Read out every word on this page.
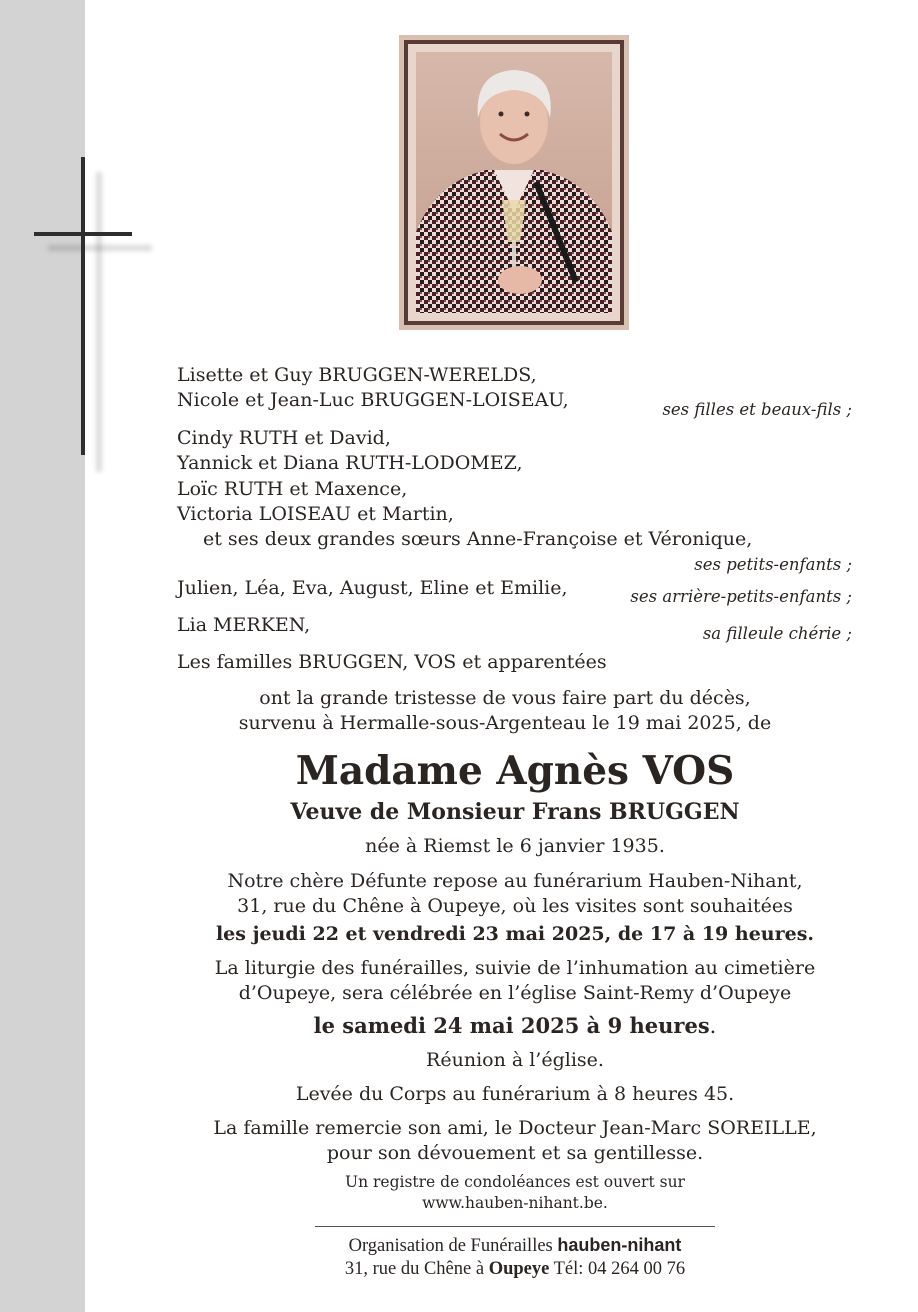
Lisette et Guy BRUGGEN-WERELDS,
Nicole et Jean-Luc BRUGGEN-LOISEAU,	ses filles et beaux-fils ;
Cindy RUTH et David,
Yannick et Diana RUTH-LODOMEZ,
Loïc RUTH et Maxence,
Victoria LOISEAU et Martin,
et ses deux grandes sœurs Anne-Françoise et Véronique,
ses petits-enfants ;
Julien, Léa, Eva, August, Eline et Emilie,	ses arrière-petits-enfants ;
Lia MERKEN,	sa filleule chérie ;
Les familles BRUGGEN, VOS et apparentées
ont la grande tristesse de vous faire part du décès,
survenu à Hermalle-sous-Argenteau le 19 mai 2025, de
Madame Agnès VOS
Veuve de Monsieur Frans BRUGGEN
née à Riemst le 6 janvier 1935.
Notre chère Défunte repose au funérarium Hauben-Nihant,
31, rue du Chêne à Oupeye, où les visites sont souhaitées
les jeudi 22 et vendredi 23 mai 2025, de 17 à 19 heures.
La liturgie des funérailles, suivie de l’inhumation au cimetière
d’Oupeye, sera célébrée en l’église Saint-Remy d’Oupeye
le samedi 24 mai 2025 à 9 heures.
Réunion à l’église.
Levée du Corps au funérarium à 8 heures 45.
La famille remercie son ami, le Docteur Jean-Marc SOREILLE,
pour son dévouement et sa gentillesse.
Un registre de condoléances est ouvert sur
www.hauben-nihant.be.
Organisation de Funérailles hauben-nihant
31, rue du Chêne à Oupeye Tél: 04 264 00 76
